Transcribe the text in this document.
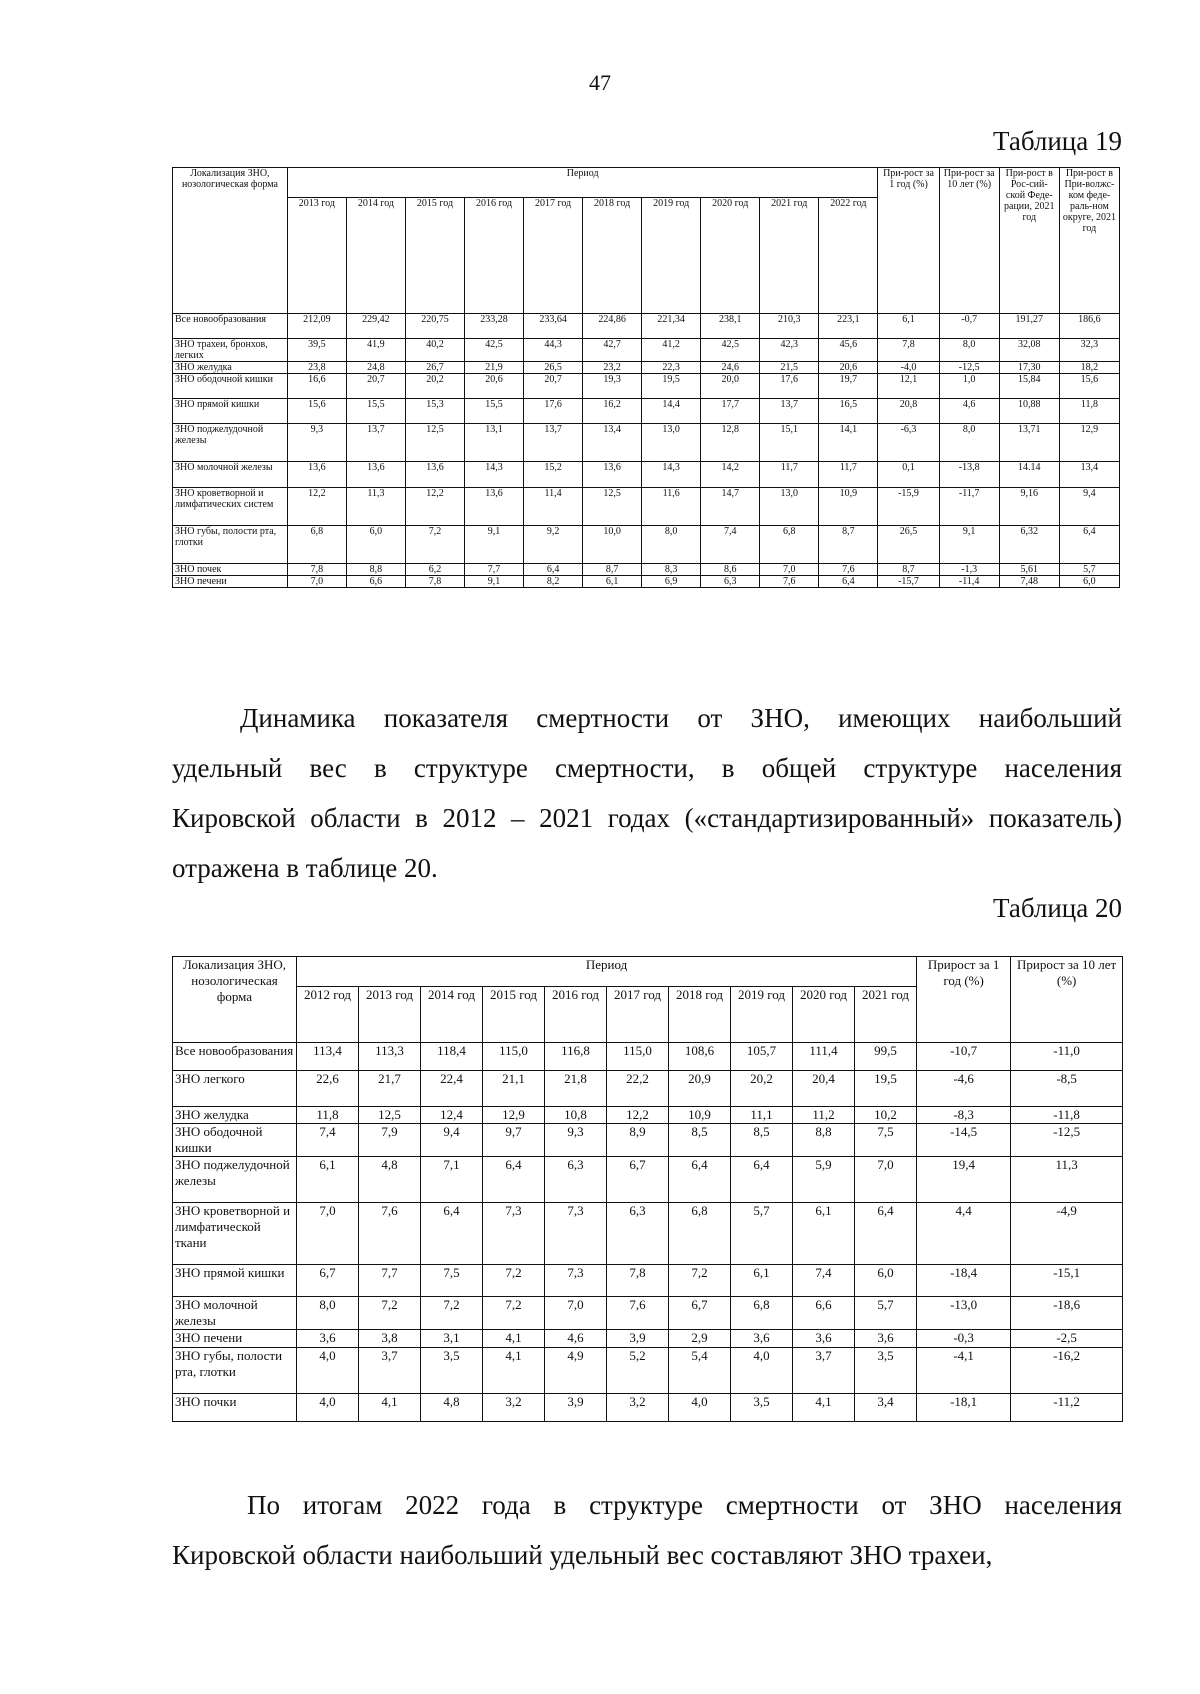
47
Таблица 19
Локализация ЗНО, нозологическая форма	Период										При-рост за 1 год (%)	При-рост за 10 лет (%)	При-рост в Рос-сий-ской Феде-рации, 2021 год	При-рост в При-волжс-ком феде-раль-ном округе, 2021 год
	2013 год	2014 год	2015 год	2016 год	2017 год	2018 год	2019 год	2020 год	2021 год	2022 год				
Все новообразования	212,09	229,42	220,75	233,28	233,64	224,86	221,34	238,1	210,3	223,1	6,1	-0,7	191,27	186,6
ЗНО трахеи, бронхов, легких	39,5	41,9	40,2	42,5	44,3	42,7	41,2	42,5	42,3	45,6	7,8	8,0	32,08	32,3
ЗНО желудка	23,8	24,8	26,7	21,9	26,5	23,2	22,3	24,6	21,5	20,6	-4,0	-12,5	17,30	18,2
ЗНО ободочной кишки	16,6	20,7	20,2	20,6	20,7	19,3	19,5	20,0	17,6	19,7	12,1	1,0	15,84	15,6
ЗНО прямой кишки	15,6	15,5	15,3	15,5	17,6	16,2	14,4	17,7	13,7	16,5	20,8	4,6	10,88	11,8
ЗНО поджелудочной железы	9,3	13,7	12,5	13,1	13,7	13,4	13,0	12,8	15,1	14,1	-6,3	8,0	13,71	12,9
ЗНО молочной железы	13,6	13,6	13,6	14,3	15,2	13,6	14,3	14,2	11,7	11,7	0,1	-13,8	14.14	13,4
ЗНО кроветворной и лимфатических систем	12,2	11,3	12,2	13,6	11,4	12,5	11,6	14,7	13,0	10,9	-15,9	-11,7	9,16	9,4
ЗНО губы, полости рта, глотки	6,8	6,0	7,2	9,1	9,2	10,0	8,0	7,4	6,8	8,7	26,5	9,1	6,32	6,4
ЗНО почек	7,8	8,8	6,2	7,7	6,4	8,7	8,3	8,6	7,0	7,6	8,7	-1,3	5,61	5,7
ЗНО печени	7,0	6,6	7,8	9,1	8,2	6,1	6,9	6,3	7,6	6,4	-15,7	-11,4	7,48	6,0
Динамика показателя смертности от ЗНО, имеющих наибольший
удельный вес в структуре смертности, в общей структуре населения
Кировской области в 2012 – 2021 годах («стандартизированный» показатель)
отражена в таблице 20.
Таблица 20
Локализация ЗНО, нозологическая форма	Период										Прирост за 1 год (%)	Прирост за 10 лет (%)
	2012 год	2013 год	2014 год	2015 год	2016 год	2017 год	2018 год	2019 год	2020 год	2021 год		
Все новообразования	113,4	113,3	118,4	115,0	116,8	115,0	108,6	105,7	111,4	99,5	-10,7	-11,0
ЗНО легкого	22,6	21,7	22,4	21,1	21,8	22,2	20,9	20,2	20,4	19,5	-4,6	-8,5
ЗНО желудка	11,8	12,5	12,4	12,9	10,8	12,2	10,9	11,1	11,2	10,2	-8,3	-11,8
ЗНО ободочной кишки	7,4	7,9	9,4	9,7	9,3	8,9	8,5	8,5	8,8	7,5	-14,5	-12,5
ЗНО поджелудочной железы	6,1	4,8	7,1	6,4	6,3	6,7	6,4	6,4	5,9	7,0	19,4	11,3
ЗНО кроветворной и лимфатической ткани	7,0	7,6	6,4	7,3	7,3	6,3	6,8	5,7	6,1	6,4	4,4	-4,9
ЗНО прямой кишки	6,7	7,7	7,5	7,2	7,3	7,8	7,2	6,1	7,4	6,0	-18,4	-15,1
ЗНО молочной железы	8,0	7,2	7,2	7,2	7,0	7,6	6,7	6,8	6,6	5,7	-13,0	-18,6
ЗНО печени	3,6	3,8	3,1	4,1	4,6	3,9	2,9	3,6	3,6	3,6	-0,3	-2,5
ЗНО губы, полости рта, глотки	4,0	3,7	3,5	4,1	4,9	5,2	5,4	4,0	3,7	3,5	-4,1	-16,2
ЗНО почки	4,0	4,1	4,8	3,2	3,9	3,2	4,0	3,5	4,1	3,4	-18,1	-11,2
По итогам 2022 года в структуре смертности от ЗНО населения
Кировской области наибольший удельный вес составляют ЗНО трахеи,
